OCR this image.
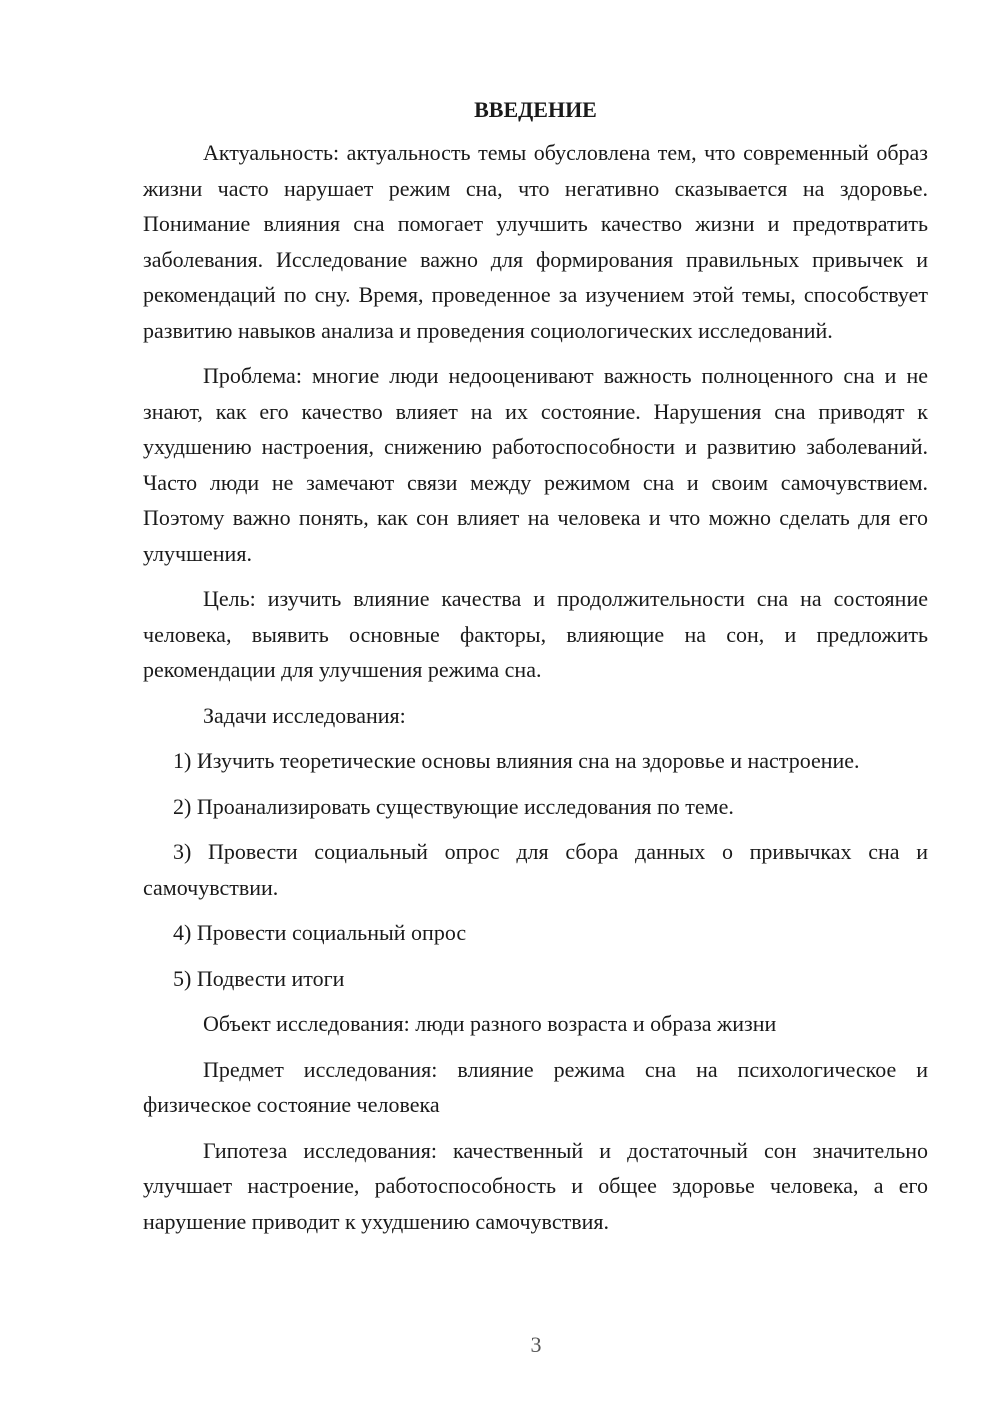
ВВЕДЕНИЕ

Актуальность: актуальность темы обусловлена тем, что современный образ жизни часто нарушает режим сна, что негативно сказывается на здоровье. Понимание влияния сна помогает улучшить качество жизни и предотвратить заболевания. Исследование важно для формирования правильных привычек и рекомендаций по сну. Время, проведенное за изучением этой темы, способствует развитию навыков анализа и проведения социологических исследований.

Проблема: многие люди недооценивают важность полноценного сна и не знают, как его качество влияет на их состояние. Нарушения сна приводят к ухудшению настроения, снижению работоспособности и развитию заболеваний. Часто люди не замечают связи между режимом сна и своим самочувствием. Поэтому важно понять, как сон влияет на человека и что можно сделать для его улучшения.

Цель: изучить влияние качества и продолжительности сна на состояние человека, выявить основные факторы, влияющие на сон, и предложить рекомендации для улучшения режима сна.

Задачи исследования:

1) Изучить теоретические основы влияния сна на здоровье и настроение.

2) Проанализировать существующие исследования по теме.

3) Провести социальный опрос для сбора данных о привычках сна и самочувствии.

4) Провести социальный опрос

5) Подвести итоги

Объект исследования: люди разного возраста и образа жизни

Предмет исследования: влияние режима сна на психологическое и физическое состояние человека

Гипотеза исследования: качественный и достаточный сон значительно улучшает настроение, работоспособность и общее здоровье человека, а его нарушение приводит к ухудшению самочувствия.

3
